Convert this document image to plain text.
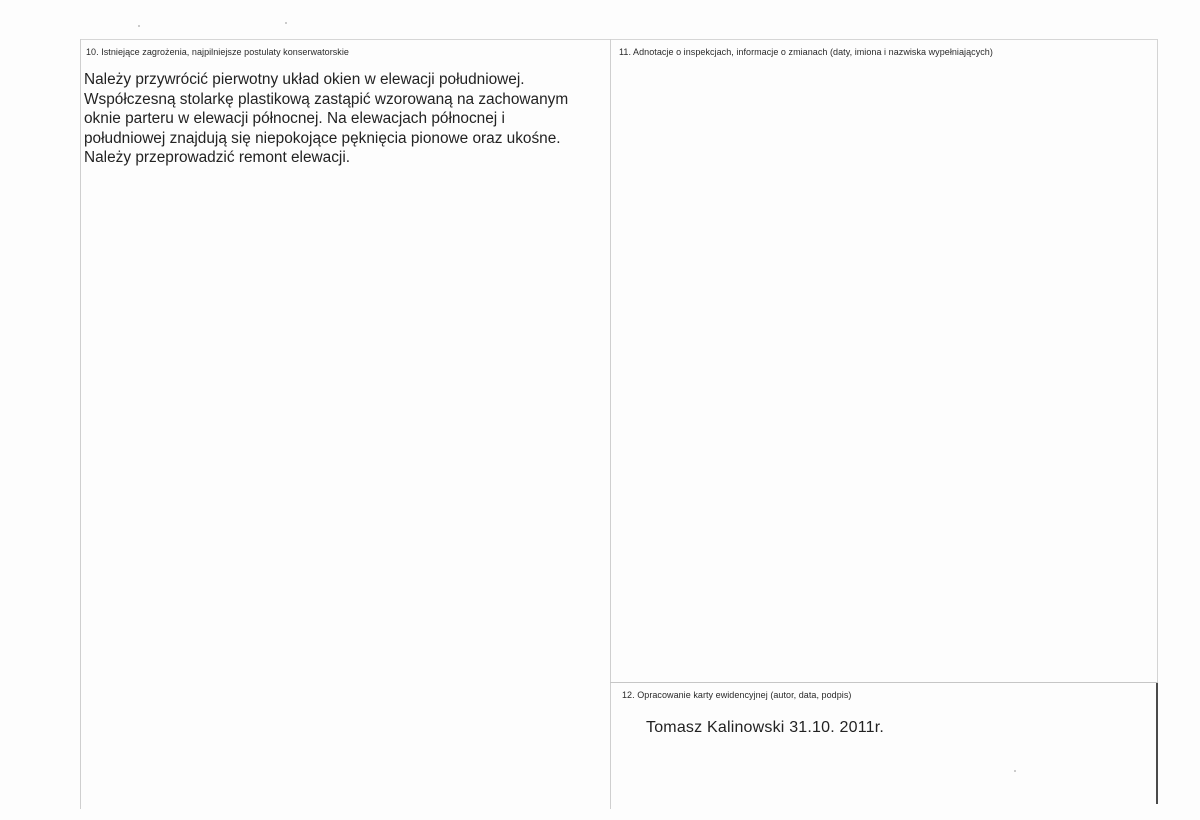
10. Istniejące zagrożenia, najpilniejsze postulaty konserwatorskie
Należy przywrócić pierwotny układ okien w elewacji południowej.
Współczesną stolarkę plastikową zastąpić wzorowaną na zachowanym
oknie parteru w elewacji północnej. Na elewacjach północnej i
południowej znajdują się niepokojące pęknięcia pionowe oraz ukośne.
Należy przeprowadzić remont elewacji.
11. Adnotacje o inspekcjach, informacje o zmianach (daty, imiona i nazwiska wypełniających)
12. Opracowanie karty ewidencyjnej (autor, data, podpis)
Tomasz Kalinowski 31.10. 2011r.
